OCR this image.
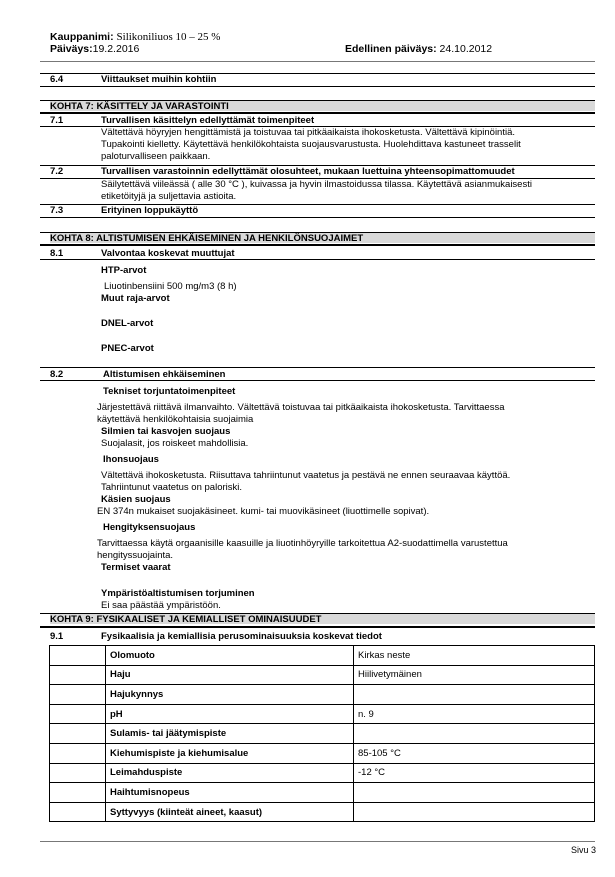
Kauppanimi: Silikoniliuos 10 – 25 %
Päiväys:19.2.2016	Edellinen päiväys: 24.10.2012
6.4	Viittaukset muihin kohtiin
KOHTA 7: KÄSITTELY JA VARASTOINTI
7.1	Turvallisen käsittelyn edellyttämät toimenpiteet
Vältettävä höyryjen hengittämistä ja toistuvaa tai pitkäaikaista ihokosketusta. Vältettävä kipinöintiä.
Tupakointi kielletty. Käytettävä henkilökohtaista suojausvarustusta. Huolehdittava kastuneet trasselit
paloturvalliseen paikkaan.
7.2	Turvallisen varastoinnin edellyttämät olosuhteet, mukaan luettuina yhteensopimattomuudet
Säilytettävä viileässä ( alle 30 °C ), kuivassa ja hyvin ilmastoidussa tilassa. Käytettävä asianmukaisesti
etiketöityjä ja suljettavia astioita.
7.3	Erityinen loppukäyttö
KOHTA 8: ALTISTUMISEN EHKÄISEMINEN JA HENKILÖNSUOJAIMET
8.1	Valvontaa koskevat muuttujat
HTP-arvot
Liuotinbensiini 500 mg/m3 (8 h)
Muut raja-arvot
DNEL-arvot
PNEC-arvot
8.2	Altistumisen ehkäiseminen
Tekniset torjuntatoimenpiteet
Järjestettävä riittävä ilmanvaihto. Vältettävä toistuvaa tai pitkäaikaista ihokosketusta. Tarvittaessa
käytettävä henkilökohtaisia suojaimia
Silmien tai kasvojen suojaus
Suojalasit, jos roiskeet mahdollisia.
Ihonsuojaus
Vältettävä ihokosketusta. Riisuttava tahriintunut vaatetus ja pestävä ne ennen seuraavaa käyttöä.
Tahriintunut vaatetus on paloriski.
Käsien suojaus
EN 374n mukaiset suojakäsineet. kumi- tai muovikäsineet (liuottimelle sopivat).
Hengityksensuojaus
Tarvittaessa käytä orgaanisille kaasuille ja liuotinhöyryille tarkoitettua A2-suodattimella varustettua
hengityssuojainta.
Termiset vaarat
Ympäristöaltistumisen torjuminen
Ei saa päästää ympäristöön.
KOHTA 9: FYSIKAALISET JA KEMIALLISET OMINAISUUDET
9.1	Fysikaalisia ja kemiallisia perusominaisuuksia koskevat tiedot
	Olomuoto	Kirkas neste
	Haju	Hiilivetymäinen
	Hajukynnys	
	pH	n. 9
	Sulamis- tai jäätymispiste	
	Kiehumispiste ja kiehumisalue	85-105 °C
	Leimahduspiste	-12 °C
	Haihtumisnopeus	
	Syttyvyys (kiinteät aineet, kaasut)	
Sivu 3
